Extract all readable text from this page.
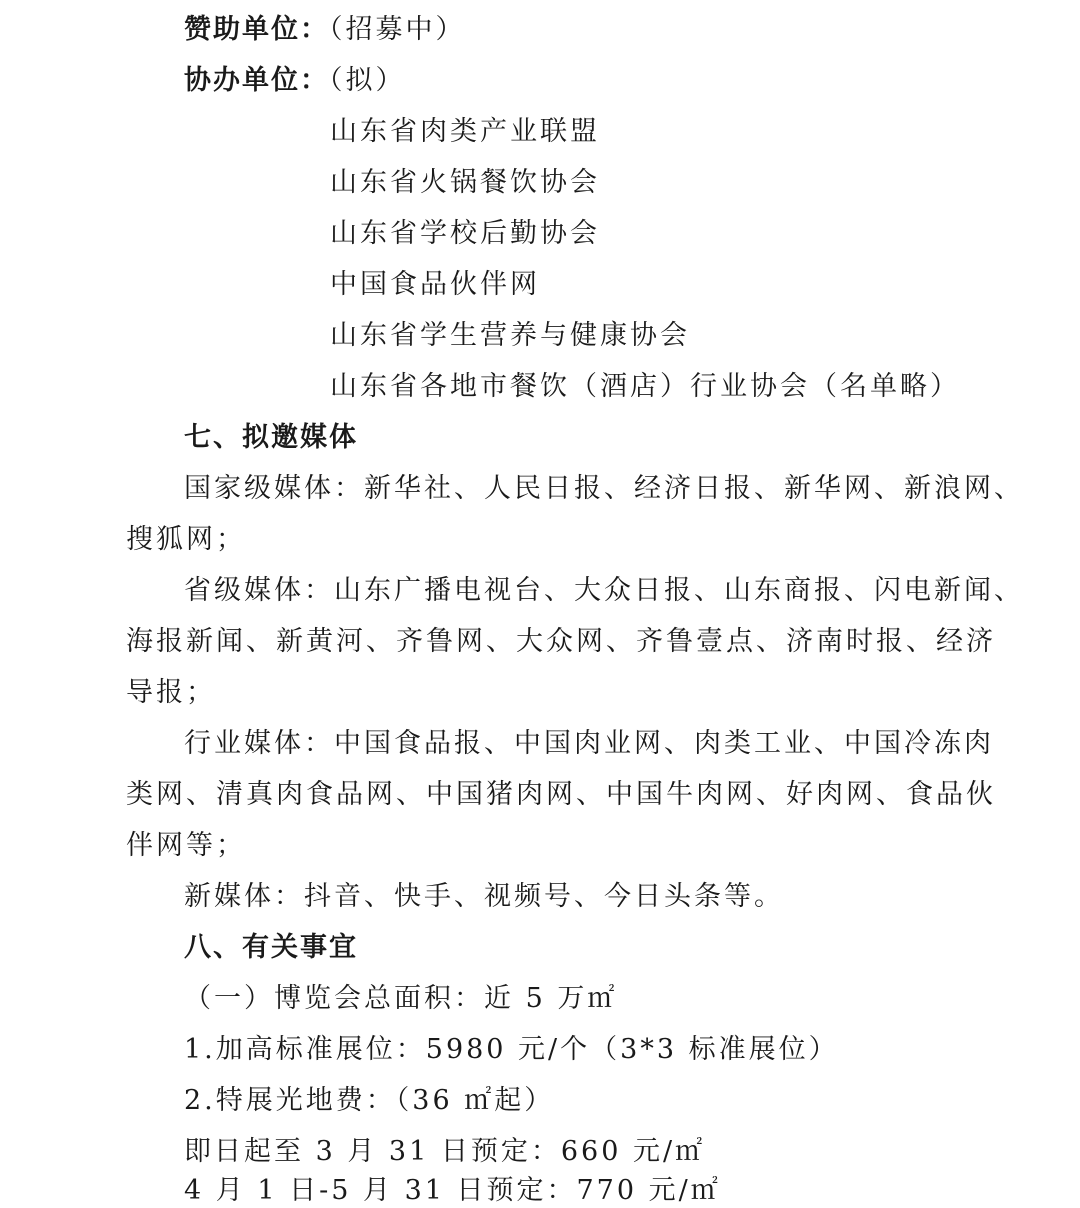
赞助单位：（招募中）
协办单位：（拟）
山东省肉类产业联盟
山东省火锅餐饮协会
山东省学校后勤协会
中国食品伙伴网
山东省学生营养与健康协会
山东省各地市餐饮（酒店）行业协会（名单略）
七、拟邀媒体
国家级媒体：新华社、人民日报、经济日报、新华网、新浪网、
搜狐网；
省级媒体：山东广播电视台、大众日报、山东商报、闪电新闻、
海报新闻、新黄河、齐鲁网、大众网、齐鲁壹点、济南时报、经济
导报；
行业媒体：中国食品报、中国肉业网、肉类工业、中国冷冻肉
类网、清真肉食品网、中国猪肉网、中国牛肉网、好肉网、食品伙
伴网等；
新媒体：抖音、快手、视频号、今日头条等。
八、有关事宜
（一）博览会总面积：近 5 万㎡
1.加高标准展位：5980 元/个（3*3 标准展位）
2.特展光地费：（36 ㎡起）
即日起至 3 月 31 日预定：660 元/㎡
4 月 1 日-5 月 31 日预定：770 元/㎡
